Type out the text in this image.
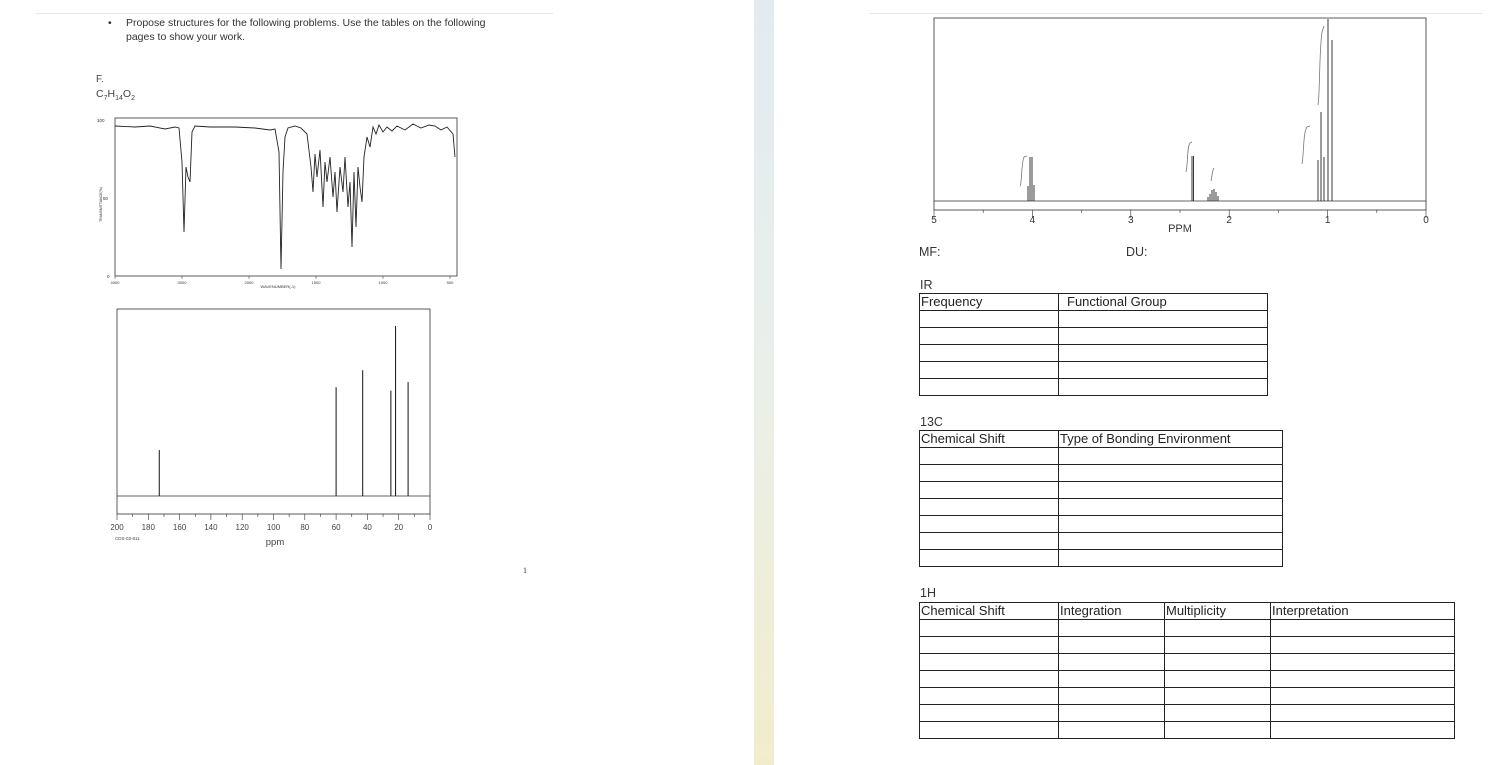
•	Propose structures for the following problems. Use the tables on the following
pages to show your work.
F.
$C_7H_{14}O_2$
100
50
0
TRANSMITTANCE(%)
4000	3000	2000	1500	1000	500
WAVENUMBER(-1)
200 180 160 140 120 100	80	60	40	20	0
ppm
CDS-03-811
1
5	4	3	2	1	0
PPM
MF:	DU:
IR
Frequency	Functional Group

13C
Chemical Shift	Type of Bonding Environment

1H
Chemical Shift	Integration	Multiplicity	Interpretation
